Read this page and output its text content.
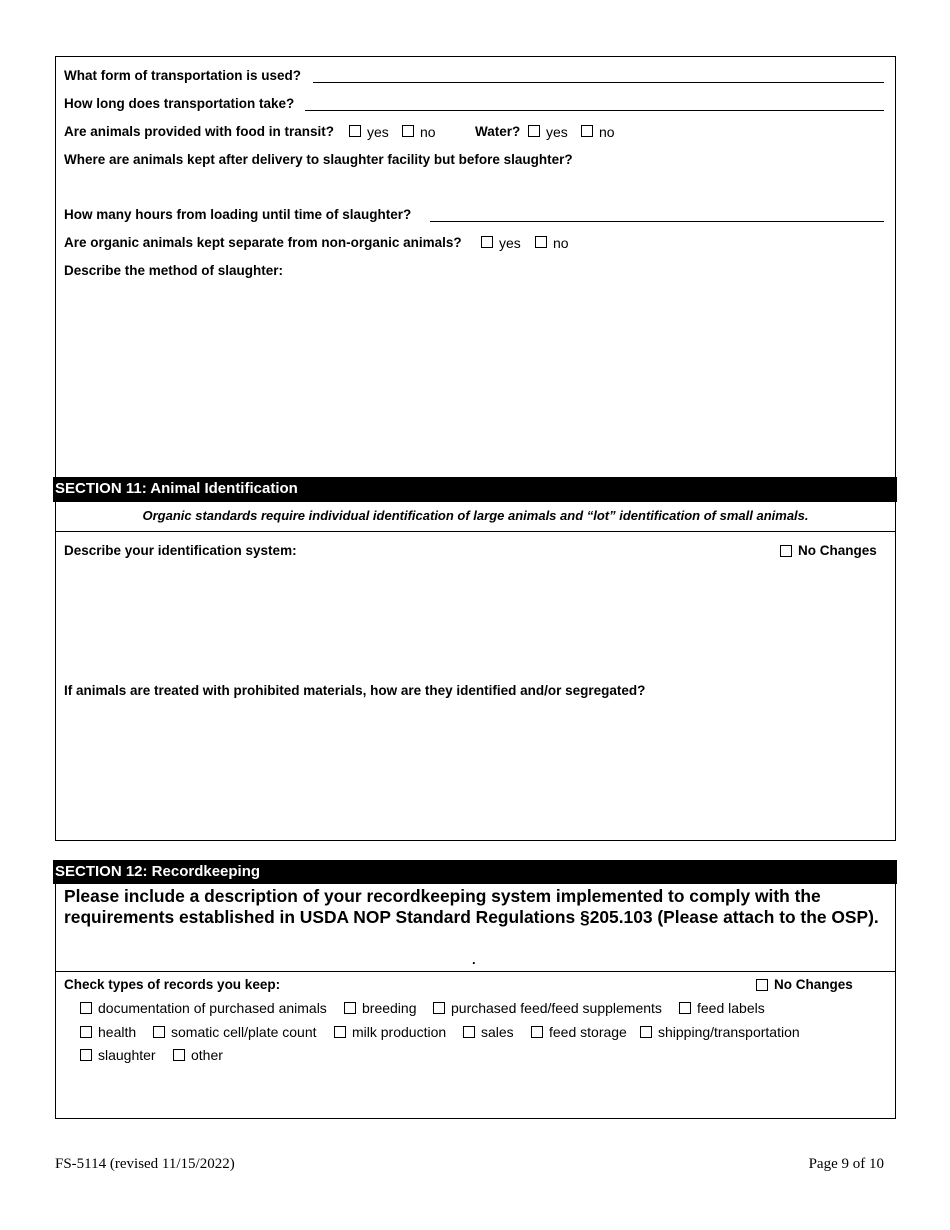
What form of transportation is used?
How long does transportation take?
Are animals provided with food in transit? yes no	Water? yes no
Where are animals kept after delivery to slaughter facility but before slaughter?
How many hours from loading until time of slaughter?
Are organic animals kept separate from non-organic animals?	yes no
Describe the method of slaughter:
SECTION 11: Animal Identification
Organic standards require individual identification of large animals and “lot” identification of small animals.
Describe your identification system:	No Changes
If animals are treated with prohibited materials, how are they identified and/or segregated?
SECTION 12: Recordkeeping
Please include a description of your recordkeeping system implemented to comply with the requirements established in USDA NOP Standard Regulations §205.103 (Please attach to the OSP).
.
Check types of records you keep:	No Changes
documentation of purchased animals	breeding purchased feed/feed supplements	feed labels
health somatic cell/plate count	milk production sales	feed storage shipping/transportation
slaughter	other
FS-5114 (revised 11/15/2022)	Page 9 of 10
